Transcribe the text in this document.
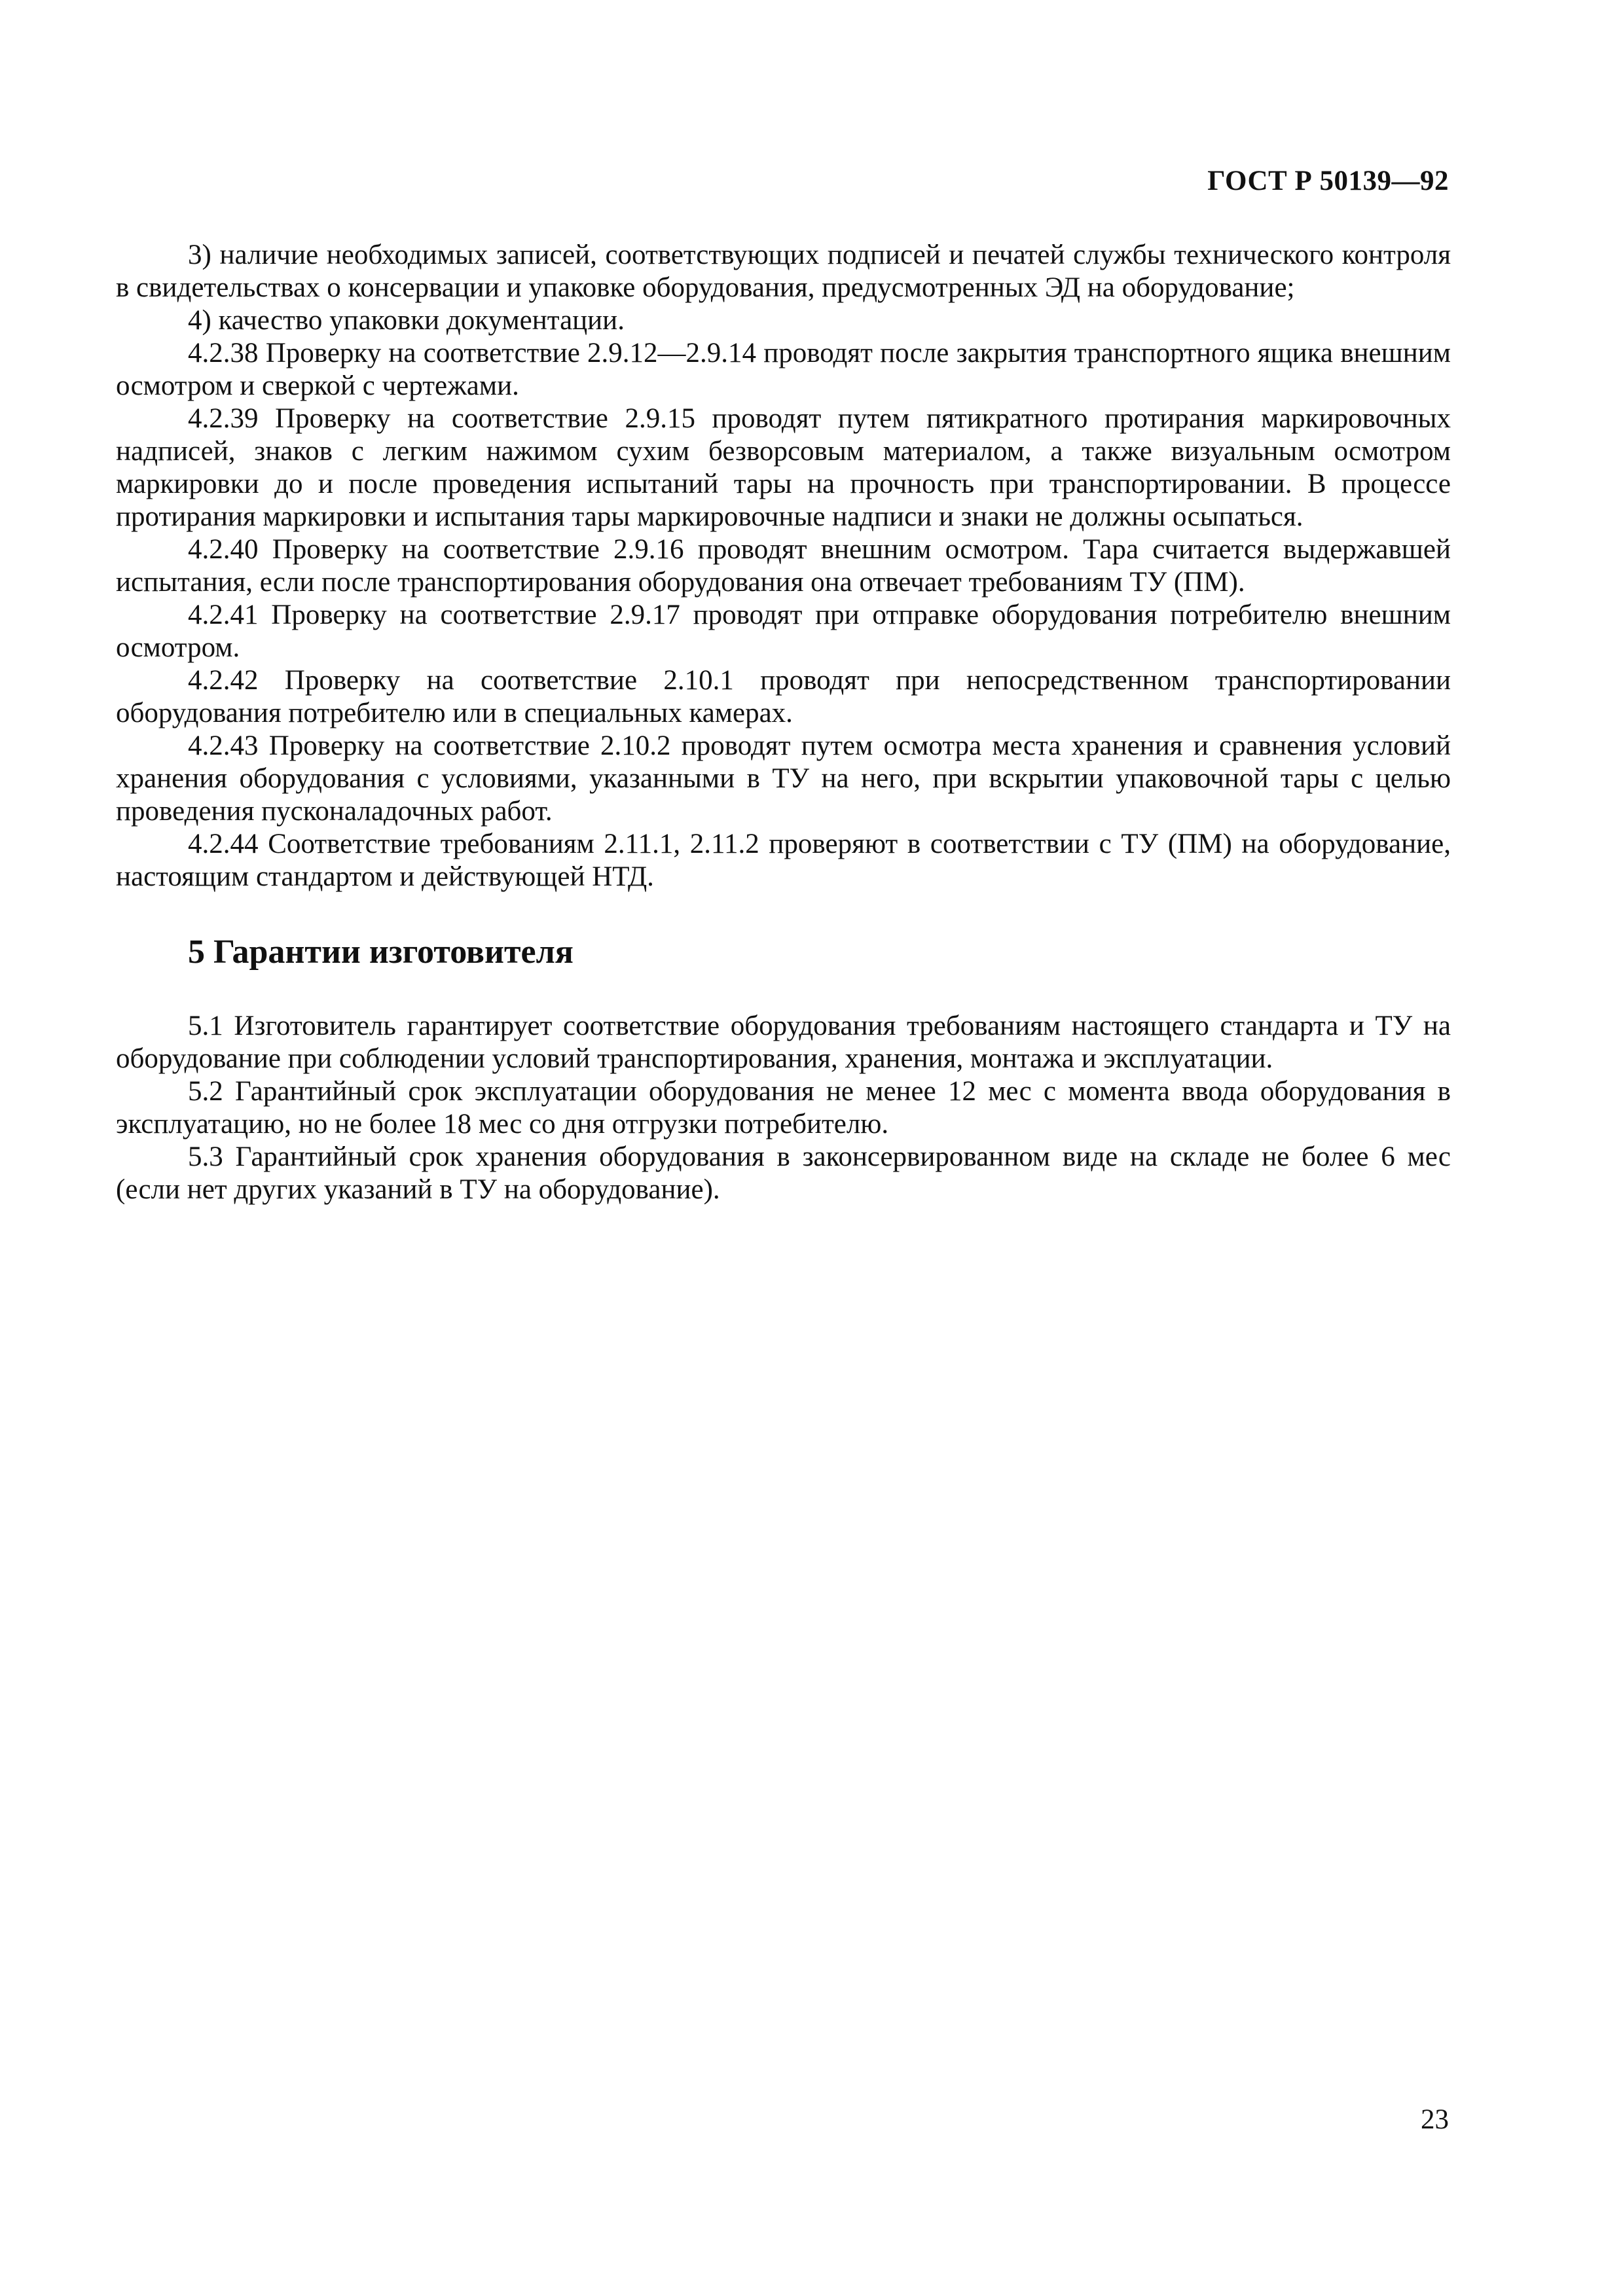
ГОСТ Р 50139—92

3) наличие необходимых записей, соответствующих подписей и печатей службы технического контроля в свидетельствах о консервации и упаковке оборудования, предусмотренных ЭД на оборудование;

4) качество упаковки документации.

4.2.38 Проверку на соответствие 2.9.12—2.9.14 проводят после закрытия транспортного ящика внешним осмотром и сверкой с чертежами.

4.2.39 Проверку на соответствие 2.9.15 проводят путем пятикратного протирания маркировочных надписей, знаков с легким нажимом сухим безворсовым материалом, а также визуальным осмотром маркировки до и после проведения испытаний тары на прочность при транспортировании. В процессе протирания маркировки и испытания тары маркировочные надписи и знаки не должны осыпаться.

4.2.40 Проверку на соответствие 2.9.16 проводят внешним осмотром. Тара считается выдержавшей испытания, если после транспортирования оборудования она отвечает требованиям ТУ (ПМ).

4.2.41 Проверку на соответствие 2.9.17 проводят при отправке оборудования потребителю внешним осмотром.

4.2.42 Проверку на соответствие 2.10.1 проводят при непосредственном транспортировании оборудования потребителю или в специальных камерах.

4.2.43 Проверку на соответствие 2.10.2 проводят путем осмотра места хранения и сравнения условий хранения оборудования с условиями, указанными в ТУ на него, при вскрытии упаковочной тары с целью проведения пусконаладочных работ.

4.2.44 Соответствие требованиям 2.11.1, 2.11.2 проверяют в соответствии с ТУ (ПМ) на оборудование, настоящим стандартом и действующей НТД.

5 Гарантии изготовителя

5.1 Изготовитель гарантирует соответствие оборудования требованиям настоящего стандарта и ТУ на оборудование при соблюдении условий транспортирования, хранения, монтажа и эксплуатации.

5.2 Гарантийный срок эксплуатации оборудования не менее 12 мес с момента ввода оборудования в эксплуатацию, но не более 18 мес со дня отгрузки потребителю.

5.3 Гарантийный срок хранения оборудования в законсервированном виде на складе не более 6 мес (если нет других указаний в ТУ на оборудование).

23
